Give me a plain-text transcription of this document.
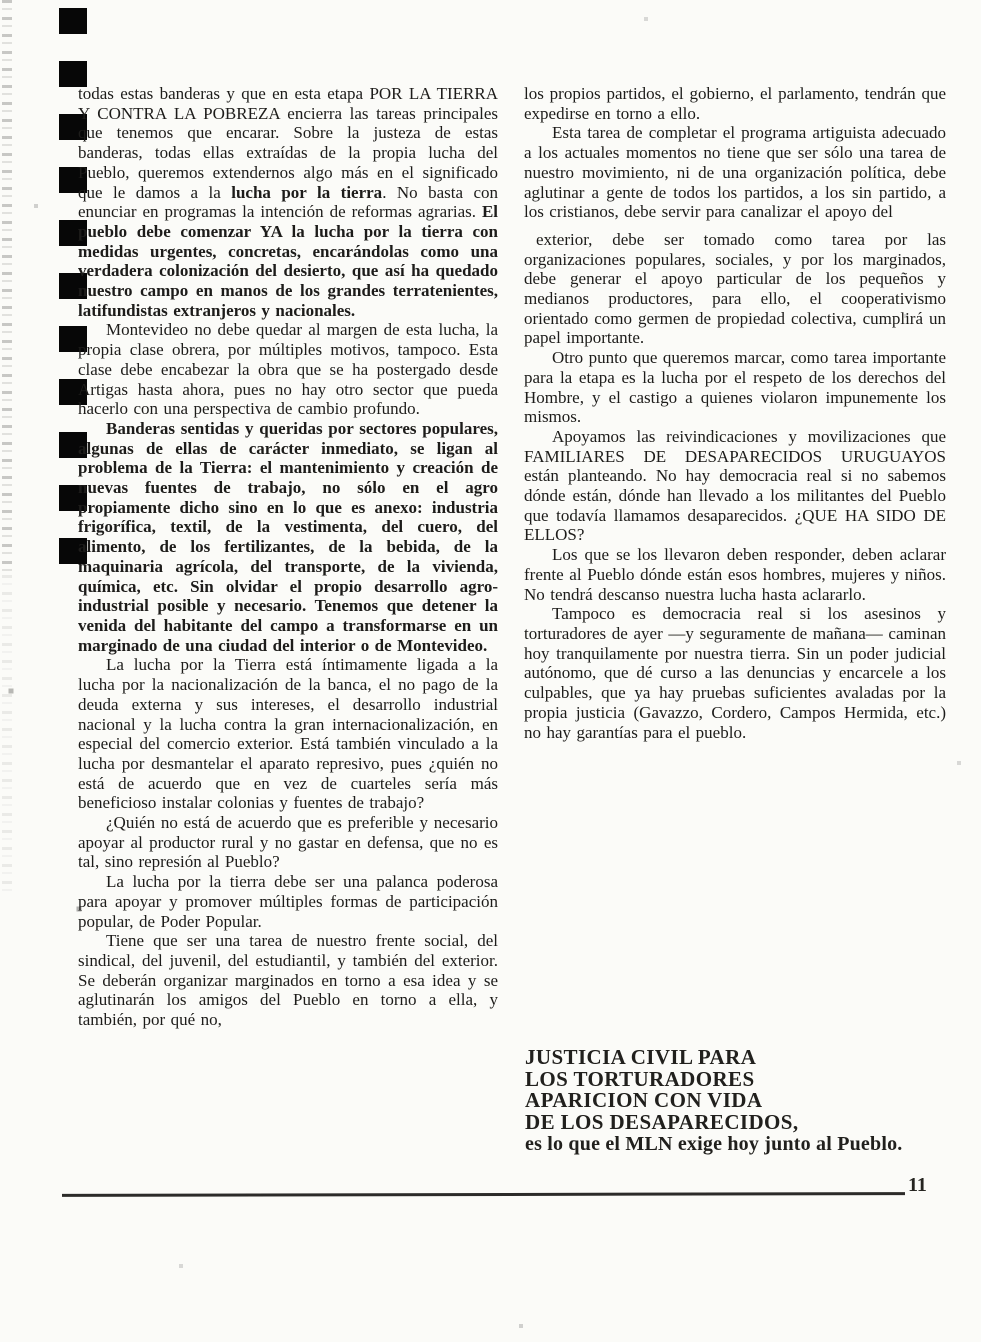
todas estas banderas y que en esta etapa POR LA TIERRA Y CONTRA LA POBREZA encierra las tareas principales que tenemos que encarar. Sobre la justeza de estas banderas, todas ellas extraídas de la propia lucha del Pueblo, queremos extendernos algo más en el significado que le damos a la lucha por la tierra. No basta con enunciar en programas la intención de reformas agrarias. El pueblo debe comenzar YA la lucha por la tierra con medidas urgentes, concretas, encarándolas como una verdadera colonización del desierto, que así ha quedado nuestro campo en manos de los grandes terratenientes, latifundistas extranjeros y nacionales.

Montevideo no debe quedar al margen de esta lucha, la propia clase obrera, por múltiples motivos, tampoco. Esta clase debe encabezar la obra que se ha postergado desde Artigas hasta ahora, pues no hay otro sector que pueda hacerlo con una perspectiva de cambio profundo.

Banderas sentidas y queridas por sectores populares, algunas de ellas de carácter inmediato, se ligan al problema de la Tierra: el mantenimiento y creación de nuevas fuentes de trabajo, no sólo en el agro propiamente dicho sino en lo que es anexo: industria frigorífica, textil, de la vestimenta, del cuero, del alimento, de los fertilizantes, de la bebida, de la maquinaria agrícola, del transporte, de la vivienda, química, etc. Sin olvidar el propio desarrollo agro-industrial posible y necesario. Tenemos que detener la venida del habitante del campo a transformarse en un marginado de una ciudad del interior o de Montevideo.

La lucha por la Tierra está íntimamente ligada a la lucha por la nacionalización de la banca, el no pago de la deuda externa y sus intereses, el desarrollo industrial nacional y la lucha contra la gran internacionalización, en especial del comercio exterior. Está también vinculado a la lucha por desmantelar el aparato represivo, pues ¿quién no está de acuerdo que en vez de cuarteles sería más beneficioso instalar colonias y fuentes de trabajo?

¿Quién no está de acuerdo que es preferible y necesario apoyar al productor rural y no gastar en defensa, que no es tal, sino represión al Pueblo?

La lucha por la tierra debe ser una palanca poderosa para apoyar y promover múltiples formas de participación popular, de Poder Popular.

Tiene que ser una tarea de nuestro frente social, del sindical, del juvenil, del estudiantil, y también del exterior. Se deberán organizar marginados en torno a esa idea y se aglutinarán los amigos del Pueblo en torno a ella, y también, por qué no,

los propios partidos, el gobierno, el parlamento, tendrán que expedirse en torno a ello.

Esta tarea de completar el programa artiguista adecuado a los actuales momentos no tiene que ser sólo una tarea de nuestro movimiento, ni de una organización política, debe aglutinar a gente de todos los partidos, a los sin partido, a los cristianos, debe servir para canalizar el apoyo del

exterior, debe ser tomado como tarea por las organizaciones populares, sociales, y por los marginados, debe generar el apoyo particular de los pequeños y medianos productores, para ello, el cooperativismo orientado como germen de propiedad colectiva, cumplirá un papel importante.

Otro punto que queremos marcar, como tarea importante para la etapa es la lucha por el respeto de los derechos del Hombre, y el castigo a quienes violaron impunemente los mismos.

Apoyamos las reivindicaciones y movilizaciones que FAMILIARES DE DESAPARECIDOS URUGUAYOS están planteando. No hay democracia real si no sabemos dónde están, dónde han llevado a los militantes del Pueblo que todavía llamamos desaparecidos. ¿QUE HA SIDO DE ELLOS?

Los que se los llevaron deben responder, deben aclarar frente al Pueblo dónde están esos hombres, mujeres y niños. No tendrá descanso nuestra lucha hasta aclararlo.

Tampoco es democracia real si los asesinos y torturadores de ayer —y seguramente de mañana— caminan hoy tranquilamente por nuestra tierra. Sin un poder judicial autónomo, que dé curso a las denuncias y encarcele a los culpables, que ya hay pruebas suficientes avaladas por la propia justicia (Gavazzo, Cordero, Campos Hermida, etc.) no hay garantías para el pueblo.

JUSTICIA CIVIL PARA
LOS TORTURADORES
APARICION CON VIDA
DE LOS DESAPARECIDOS,
es lo que el MLN exige hoy junto al Pueblo.
11
